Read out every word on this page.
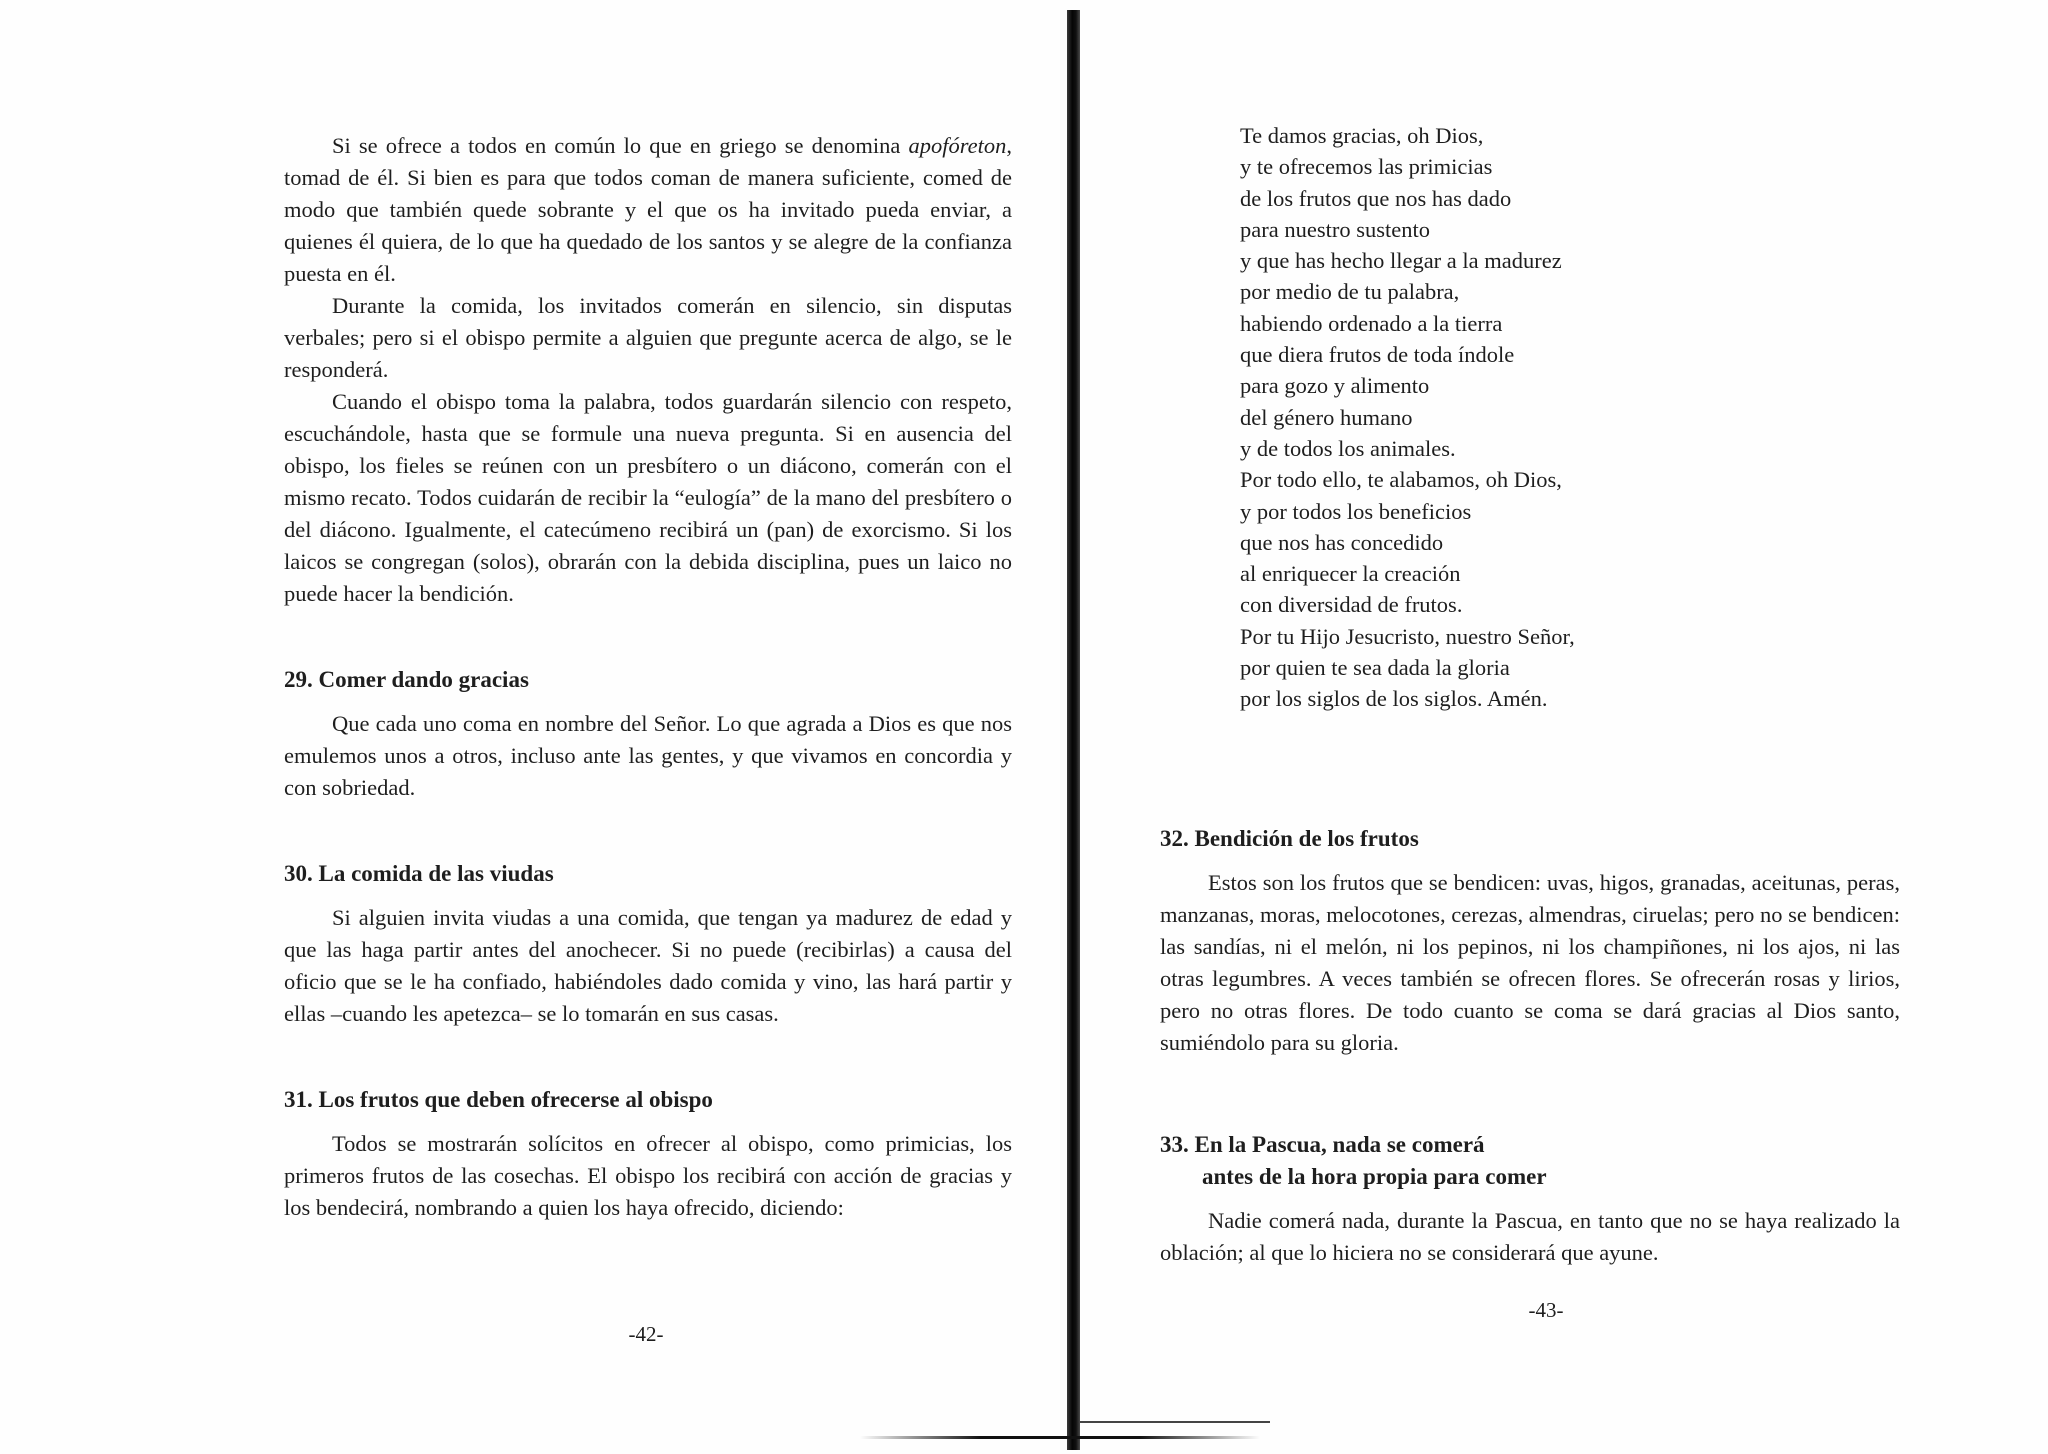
Si se ofrece a todos en común lo que en griego se denomina apofóreton, tomad de él. Si bien es para que todos coman de manera suficiente, comed de modo que también quede sobrante y el que os ha invitado pueda enviar, a quienes él quiera, de lo que ha quedado de los santos y se alegre de la confianza puesta en él.

Durante la comida, los invitados comerán en silencio, sin disputas verbales; pero si el obispo permite a alguien que pregunte acerca de algo, se le responderá.

Cuando el obispo toma la palabra, todos guardarán silencio con respeto, escuchándole, hasta que se formule una nueva pregunta. Si en ausencia del obispo, los fieles se reúnen con un presbítero o un diácono, comerán con el mismo recato. Todos cuidarán de recibir la “eulogía” de la mano del presbítero o del diácono. Igualmente, el catecúmeno recibirá un (pan) de exorcismo. Si los laicos se congregan (solos), obrarán con la debida disciplina, pues un laico no puede hacer la bendición.

29. Comer dando gracias

Que cada uno coma en nombre del Señor. Lo que agrada a Dios es que nos emulemos unos a otros, incluso ante las gentes, y que vivamos en concordia y con sobriedad.

30. La comida de las viudas

Si alguien invita viudas a una comida, que tengan ya madurez de edad y que las haga partir antes del anochecer. Si no puede (recibirlas) a causa del oficio que se le ha confiado, habiéndoles dado comida y vino, las hará partir y ellas –cuando les apetezca– se lo tomarán en sus casas.

31. Los frutos que deben ofrecerse al obispo

Todos se mostrarán solícitos en ofrecer al obispo, como primicias, los primeros frutos de las cosechas. El obispo los recibirá con acción de gracias y los bendecirá, nombrando a quien los haya ofrecido, diciendo:

-42-
Te damos gracias, oh Dios,
y te ofrecemos las primicias
de los frutos que nos has dado
para nuestro sustento
y que has hecho llegar a la madurez
por medio de tu palabra,
habiendo ordenado a la tierra
que diera frutos de toda índole
para gozo y alimento
del género humano
y de todos los animales.
Por todo ello, te alabamos, oh Dios,
y por todos los beneficios
que nos has concedido
al enriquecer la creación
con diversidad de frutos.
Por tu Hijo Jesucristo, nuestro Señor,
por quien te sea dada la gloria
por los siglos de los siglos. Amén.
32. Bendición de los frutos

Estos son los frutos que se bendicen: uvas, higos, granadas, aceitunas, peras, manzanas, moras, melocotones, cerezas, almendras, ciruelas; pero no se bendicen: las sandías, ni el melón, ni los pepinos, ni los champiñones, ni los ajos, ni las otras legumbres. A veces también se ofrecen flores. Se ofrecerán rosas y lirios, pero no otras flores. De todo cuanto se coma se dará gracias al Dios santo, sumiéndolo para su gloria.

33. En la Pascua, nada se comerá
antes de la hora propia para comer

Nadie comerá nada, durante la Pascua, en tanto que no se haya realizado la oblación; al que lo hiciera no se considerará que ayune.

-43-
